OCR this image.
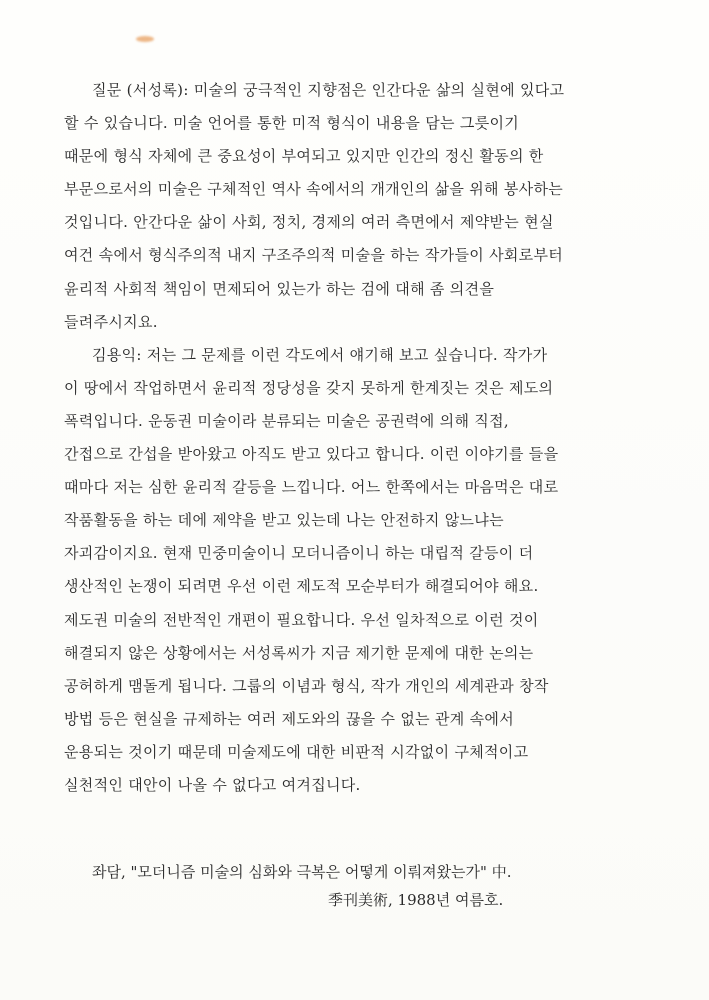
질문 (서성록): 미술의 궁극적인 지향점은 인간다운 삶의 실현에 있다고
할 수 있습니다. 미술 언어를 통한 미적 형식이 내용을 담는 그릇이기
때문에 형식 자체에 큰 중요성이 부여되고 있지만 인간의 정신 활동의 한
부문으로서의 미술은 구체적인 역사 속에서의 개개인의 삶을 위해 봉사하는
것입니다. 안간다운 삶이 사회, 정치, 경제의 여러 측면에서 제약받는 현실
여건 속에서 형식주의적 내지 구조주의적 미술을 하는 작가들이 사회로부터
윤리적 사회적 책임이 면제되어 있는가 하는 검에 대해 좀 의견을
들려주시지요.
김용익: 저는 그 문제를 이런 각도에서 얘기해 보고 싶습니다. 작가가
이 땅에서 작업하면서 윤리적 정당성을 갖지 못하게 한계짓는 것은 제도의
폭력입니다. 운동권 미술이라 분류되는 미술은 공권력에 의해 직접,
간접으로 간섭을 받아왔고 아직도 받고 있다고 합니다. 이런 이야기를 들을
때마다 저는 심한 윤리적 갈등을 느낍니다. 어느 한쪽에서는 마음먹은 대로
작품활동을 하는 데에 제약을 받고 있는데 나는 안전하지 않느냐는
자괴감이지요. 현재 민중미술이니 모더니즘이니 하는 대립적 갈등이 더
생산적인 논쟁이 되려면 우선 이런 제도적 모순부터가 해결되어야 해요.
제도권 미술의 전반적인 개편이 필요합니다. 우선 일차적으로 이런 것이
해결되지 않은 상황에서는 서성록씨가 지금 제기한 문제에 대한 논의는
공허하게 맴돌게 됩니다. 그룹의 이념과 형식, 작가 개인의 세계관과 창작
방법 등은 현실을 규제하는 여러 제도와의 끊을 수 없는 관계 속에서
운용되는 것이기 때문데 미술제도에 대한 비판적 시각없이 구체적이고
실천적인 대안이 나올 수 없다고 여겨집니다.
좌담, "모더니즘 미술의 심화와 극복은 어떻게 이뤄져왔는가" 中.
季刊美術, 1988년 여름호.
